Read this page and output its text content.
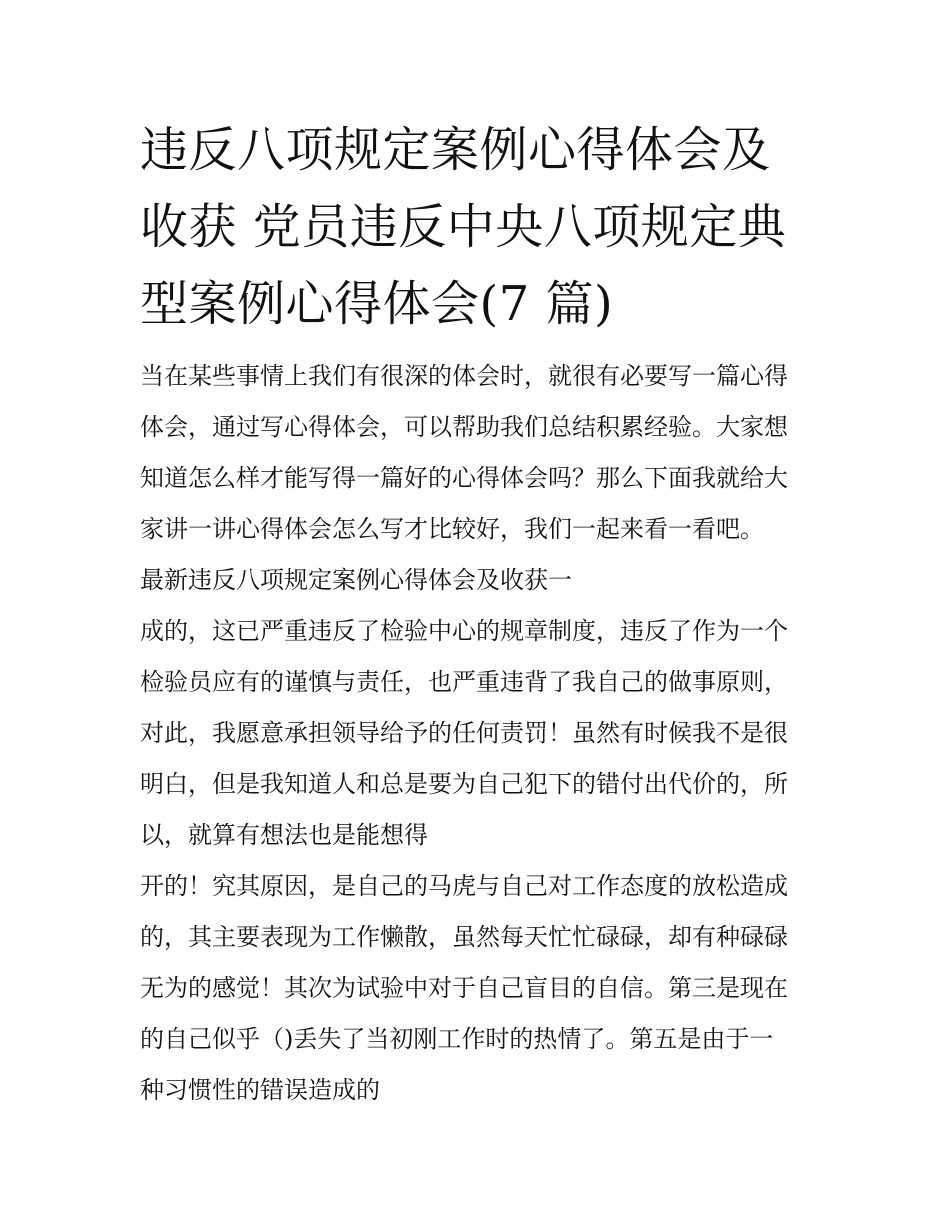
违反八项规定案例心得体会及
收获 党员违反中央八项规定典
型案例心得体会(7 篇)
当在某些事情上我们有很深的体会时，就很有必要写一篇心得
体会，通过写心得体会，可以帮助我们总结积累经验。大家想
知道怎么样才能写得一篇好的心得体会吗？那么下面我就给大
家讲一讲心得体会怎么写才比较好，我们一起来看一看吧。
最新违反八项规定案例心得体会及收获一
成的，这已严重违反了检验中心的规章制度，违反了作为一个
检验员应有的谨慎与责任，也严重违背了我自己的做事原则，
对此，我愿意承担领导给予的任何责罚！虽然有时候我不是很
明白，但是我知道人和总是要为自己犯下的错付出代价的，所
以，就算有想法也是能想得
开的！究其原因，是自己的马虎与自己对工作态度的放松造成
的，其主要表现为工作懒散，虽然每天忙忙碌碌，却有种碌碌
无为的感觉！其次为试验中对于自己盲目的自信。第三是现在
的自己似乎（)丢失了当初刚工作时的热情了。第五是由于一
种习惯性的错误造成的
